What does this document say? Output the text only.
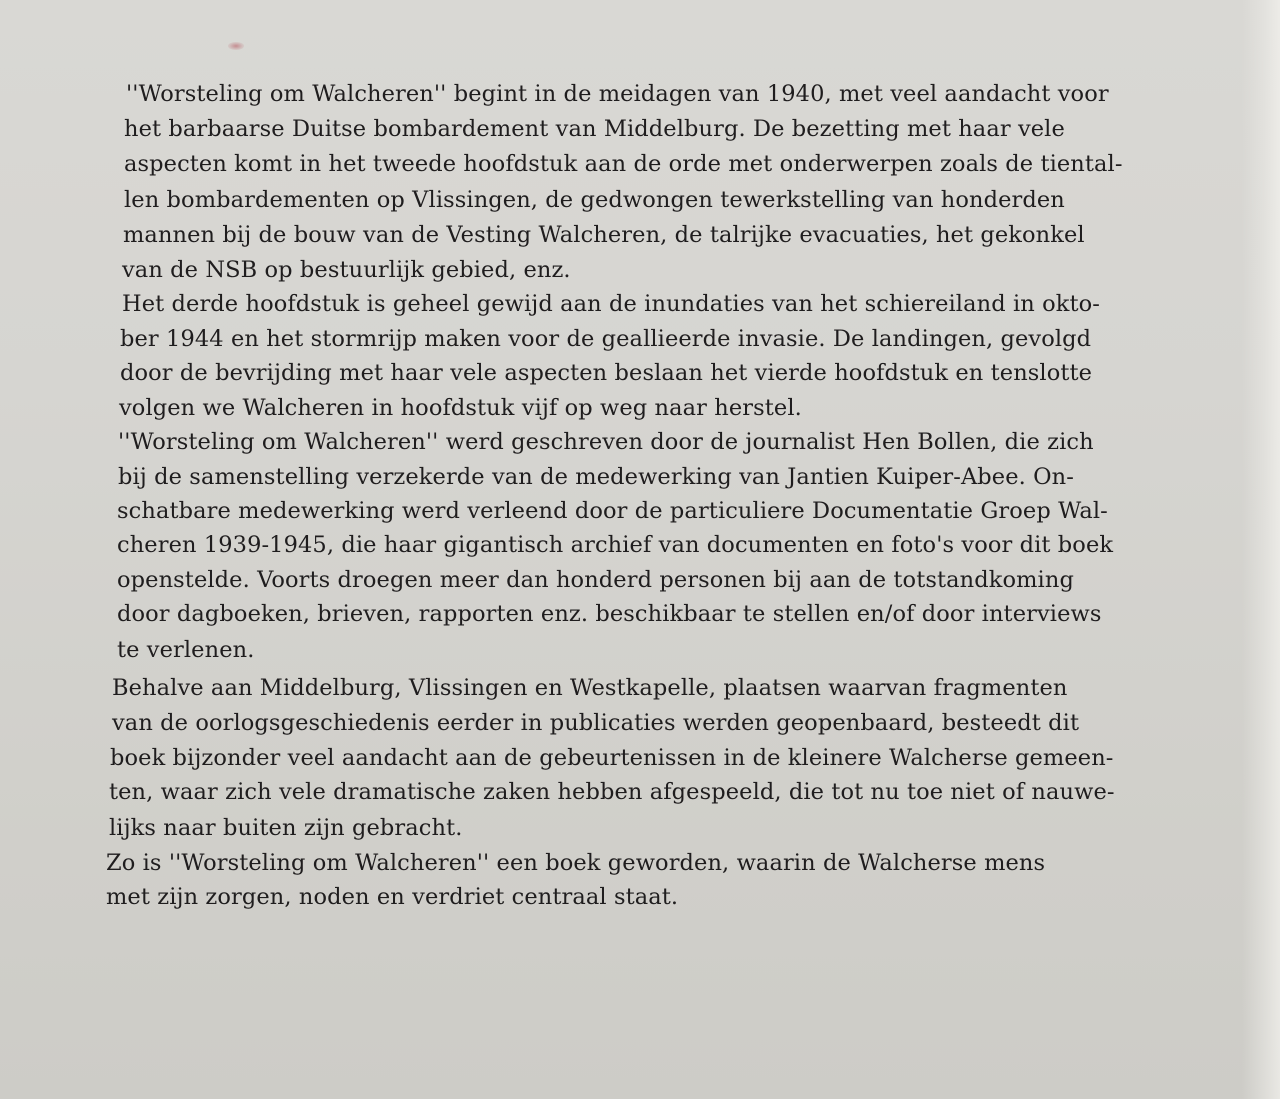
''Worsteling om Walcheren'' begint in de meidagen van 1940, met veel aandacht voor
het barbaarse Duitse bombardement van Middelburg. De bezetting met haar vele
aspecten komt in het tweede hoofdstuk aan de orde met onderwerpen zoals de tiental-
len bombardementen op Vlissingen, de gedwongen tewerkstelling van honderden
mannen bij de bouw van de Vesting Walcheren, de talrijke evacuaties, het gekonkel
van de NSB op bestuurlijk gebied, enz.
Het derde hoofdstuk is geheel gewijd aan de inundaties van het schiereiland in okto-
ber 1944 en het stormrijp maken voor de geallieerde invasie. De landingen, gevolgd
door de bevrijding met haar vele aspecten beslaan het vierde hoofdstuk en tenslotte
volgen we Walcheren in hoofdstuk vijf op weg naar herstel.
''Worsteling om Walcheren'' werd geschreven door de journalist Hen Bollen, die zich
bij de samenstelling verzekerde van de medewerking van Jantien Kuiper-Abee. On-
schatbare medewerking werd verleend door de particuliere Documentatie Groep Wal-
cheren 1939-1945, die haar gigantisch archief van documenten en foto's voor dit boek
openstelde. Voorts droegen meer dan honderd personen bij aan de totstandkoming
door dagboeken, brieven, rapporten enz. beschikbaar te stellen en/of door interviews
te verlenen.
Behalve aan Middelburg, Vlissingen en Westkapelle, plaatsen waarvan fragmenten
van de oorlogsgeschiedenis eerder in publicaties werden geopenbaard, besteedt dit
boek bijzonder veel aandacht aan de gebeurtenissen in de kleinere Walcherse gemeen-
ten, waar zich vele dramatische zaken hebben afgespeeld, die tot nu toe niet of nauwe-
lijks naar buiten zijn gebracht.
Zo is ''Worsteling om Walcheren'' een boek geworden, waarin de Walcherse mens
met zijn zorgen, noden en verdriet centraal staat.
